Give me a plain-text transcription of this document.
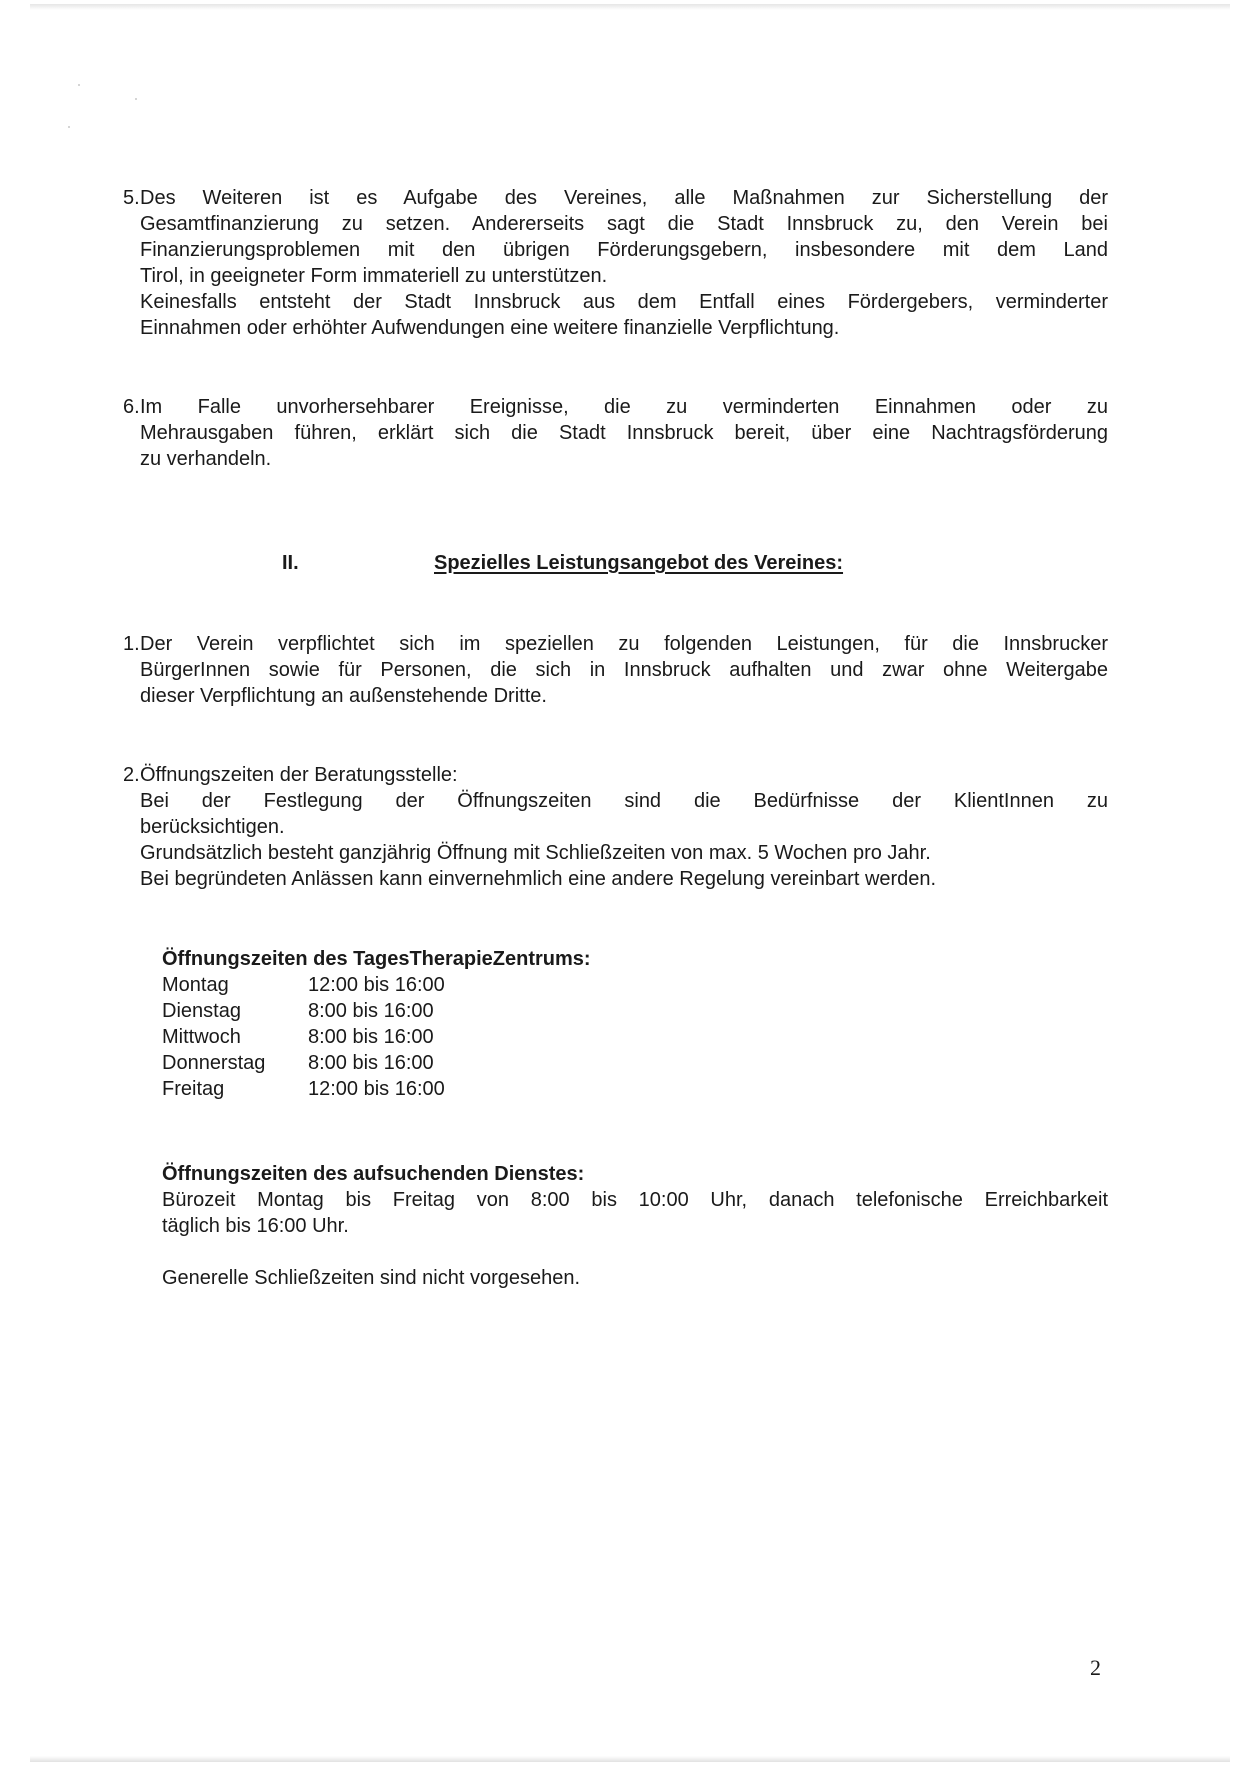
5. Des Weiteren ist es Aufgabe des Vereines, alle Maßnahmen zur Sicherstellung der
Gesamtfinanzierung zu setzen. Andererseits sagt die Stadt Innsbruck zu, den Verein bei
Finanzierungsproblemen mit den übrigen Förderungsgebern, insbesondere mit dem Land
Tirol, in geeigneter Form immateriell zu unterstützen.
Keinesfalls entsteht der Stadt Innsbruck aus dem Entfall eines Fördergebers, verminderter
Einnahmen oder erhöhter Aufwendungen eine weitere finanzielle Verpflichtung.
6. Im Falle unvorhersehbarer Ereignisse, die zu verminderten Einnahmen oder zu
Mehrausgaben führen, erklärt sich die Stadt Innsbruck bereit, über eine Nachtragsförderung
zu verhandeln.
II.	Spezielles Leistungsangebot des Vereines:
1. Der Verein verpflichtet sich im speziellen zu folgenden Leistungen, für die Innsbrucker
BürgerInnen sowie für Personen, die sich in Innsbruck aufhalten und zwar ohne Weitergabe
dieser Verpflichtung an außenstehende Dritte.
2. Öffnungszeiten der Beratungsstelle:
Bei der Festlegung der Öffnungszeiten sind die Bedürfnisse der KlientInnen zu
berücksichtigen.
Grundsätzlich besteht ganzjährig Öffnung mit Schließzeiten von max. 5 Wochen pro Jahr.
Bei begründeten Anlässen kann einvernehmlich eine andere Regelung vereinbart werden.
Öffnungszeiten des TagesTherapieZentrums:
Montag	12:00 bis 16:00
Dienstag	8:00 bis 16:00
Mittwoch	8:00 bis 16:00
Donnerstag	8:00 bis 16:00
Freitag	12:00 bis 16:00
Öffnungszeiten des aufsuchenden Dienstes:
Bürozeit Montag bis Freitag von 8:00 bis 10:00 Uhr, danach telefonische Erreichbarkeit
täglich bis 16:00 Uhr.
Generelle Schließzeiten sind nicht vorgesehen.
2
